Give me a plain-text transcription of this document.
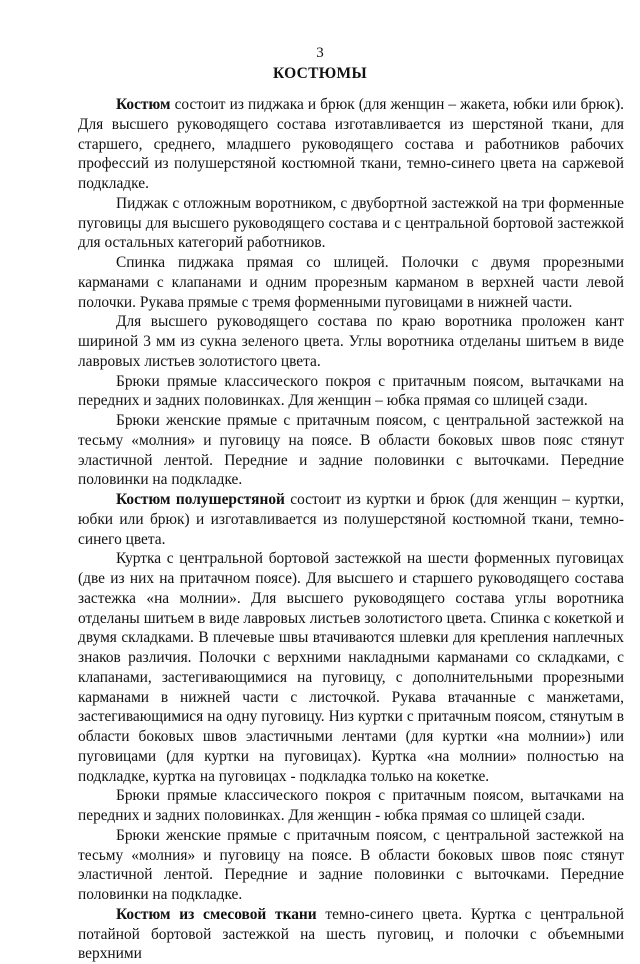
3
КОСТЮМЫ

Костюм состоит из пиджака и брюк (для женщин – жакета, юбки или брюк). Для высшего руководящего состава изготавливается из шерстяной ткани, для старшего, среднего, младшего руководящего состава и работников рабочих профессий из полушерстяной костюмной ткани, темно-синего цвета на саржевой подкладке.

Пиджак с отложным воротником, с двубортной застежкой на три форменные пуговицы для высшего руководящего состава и с центральной бортовой застежкой для остальных категорий работников.

Спинка пиджака прямая со шлицей. Полочки с двумя прорезными карманами с клапанами и одним прорезным карманом в верхней части левой полочки. Рукава прямые с тремя форменными пуговицами в нижней части.

Для высшего руководящего состава по краю воротника проложен кант шириной 3 мм из сукна зеленого цвета. Углы воротника отделаны шитьем в виде лавровых листьев золотистого цвета.

Брюки прямые классического покроя с притачным поясом, вытачками на передних и задних половинках. Для женщин – юбка прямая со шлицей сзади.

Брюки женские прямые с притачным поясом, с центральной застежкой на тесьму «молния» и пуговицу на поясе. В области боковых швов пояс стянут эластичной лентой. Передние и задние половинки с выточками. Передние половинки на подкладке.

Костюм полушерстяной состоит из куртки и брюк (для женщин – куртки, юбки или брюк) и изготавливается из полушерстяной костюмной ткани, темно-синего цвета.

Куртка с центральной бортовой застежкой на шести форменных пуговицах (две из них на притачном поясе). Для высшего и старшего руководящего состава застежка «на молнии». Для высшего руководящего состава углы воротника отделаны шитьем в виде лавровых листьев золотистого цвета. Спинка с кокеткой и двумя складками. В плечевые швы втачиваются шлевки для крепления наплечных знаков различия. Полочки с верхними накладными карманами со складками, с клапанами, застегивающимися на пуговицу, с дополнительными прорезными карманами в нижней части с листочкой. Рукава втачанные с манжетами, застегивающимися на одну пуговицу. Низ куртки с притачным поясом, стянутым в области боковых швов эластичными лентами (для куртки «на молнии») или пуговицами (для куртки на пуговицах). Куртка «на молнии» полностью на подкладке, куртка на пуговицах - подкладка только на кокетке.

Брюки прямые классического покроя с притачным поясом, вытачками на передних и задних половинках. Для женщин - юбка прямая со шлицей сзади.

Брюки женские прямые с притачным поясом, с центральной застежкой на тесьму «молния» и пуговицу на поясе. В области боковых швов пояс стянут эластичной лентой. Передние и задние половинки с выточками. Передние половинки на подкладке.

Костюм из смесовой ткани темно-синего цвета. Куртка с центральной потайной бортовой застежкой на шесть пуговиц, и полочки с объемными верхними
